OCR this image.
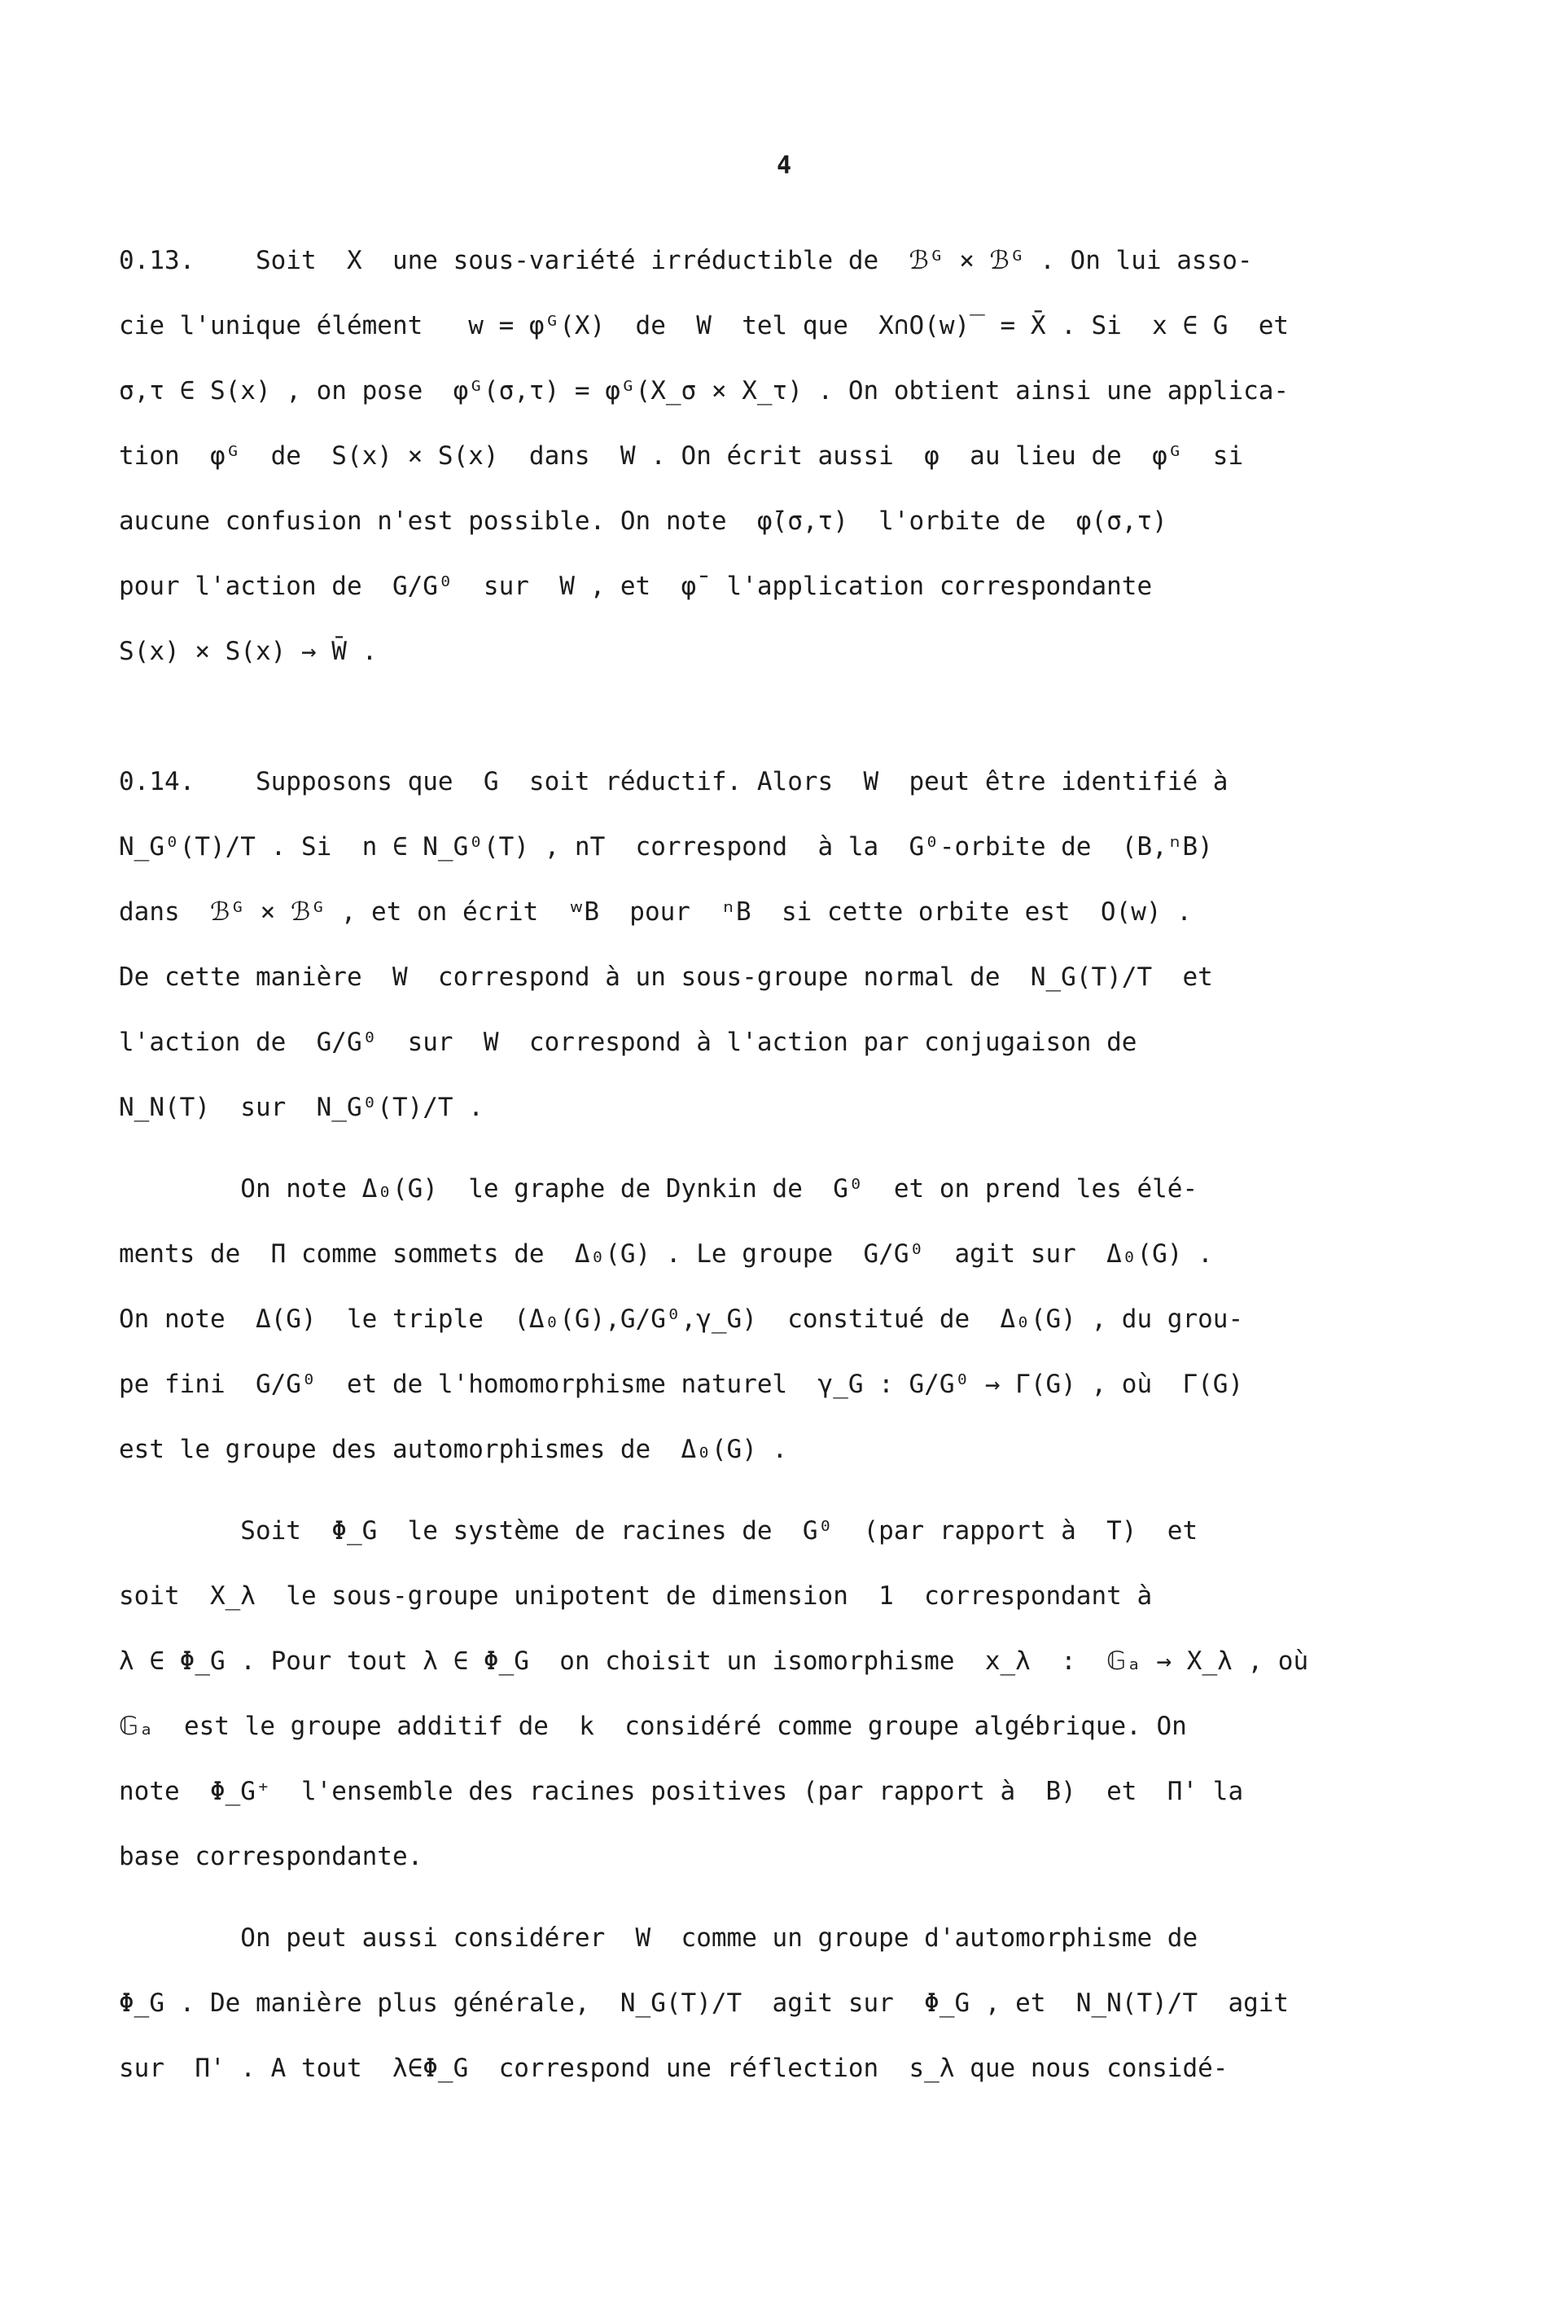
4
0.13.    Soit  X  une sous-variété irréductible de  ℬᴳ × ℬᴳ . On lui asso-
cie l'unique élément   w = φᴳ(X)  de  W  tel que  X∩O(w)‾ = X̄ . Si  x ∈ G  et
σ,τ ∈ S(x) , on pose  φᴳ(σ,τ) = φᴳ(X_σ × X_τ) . On obtient ainsi une applica-
tion  φᴳ  de  S(x) × S(x)  dans  W . On écrit aussi  φ  au lieu de  φᴳ  si
aucune confusion n'est possible. On note  φ̄(σ,τ)  l'orbite de  φ(σ,τ)
pour l'action de  G/G⁰  sur  W , et  φ̄  l'application correspondante
S(x) × S(x) → W̄ .
0.14.    Supposons que  G  soit réductif. Alors  W  peut être identifié à
N_G⁰(T)/T . Si  n ∈ N_G⁰(T) , nT  correspond  à la  G⁰-orbite de  (B,ⁿB)
dans  ℬᴳ × ℬᴳ , et on écrit  ʷB  pour  ⁿB  si cette orbite est  O(w) .
De cette manière  W  correspond à un sous-groupe normal de  N_G(T)/T  et
l'action de  G/G⁰  sur  W  correspond à l'action par conjugaison de
N_N(T)  sur  N_G⁰(T)/T .
On note Δ₀(G)  le graphe de Dynkin de  G⁰  et on prend les élé-
ments de  Π comme sommets de  Δ₀(G) . Le groupe  G/G⁰  agit sur  Δ₀(G) .
On note  Δ(G)  le triple  (Δ₀(G),G/G⁰,γ_G)  constitué de  Δ₀(G) , du grou-
pe fini  G/G⁰  et de l'homomorphisme naturel  γ_G : G/G⁰ → Γ(G) , où  Γ(G)
est le groupe des automorphismes de  Δ₀(G) .
Soit  Φ_G  le système de racines de  G⁰  (par rapport à  T)  et
soit  X_λ  le sous-groupe unipotent de dimension  1  correspondant à
λ ∈ Φ_G . Pour tout λ ∈ Φ_G  on choisit un isomorphisme  x_λ  :  𝔾ₐ → X_λ , où
𝔾ₐ  est le groupe additif de  k  considéré comme groupe algébrique. On
note  Φ_G⁺  l'ensemble des racines positives (par rapport à  B)  et  Π' la
base correspondante.
On peut aussi considérer  W  comme un groupe d'automorphisme de
Φ_G . De manière plus générale,  N_G(T)/T  agit sur  Φ_G , et  N_N(T)/T  agit
sur  Π' . A tout  λ∈Φ_G  correspond une réflection  s_λ que nous considé-
